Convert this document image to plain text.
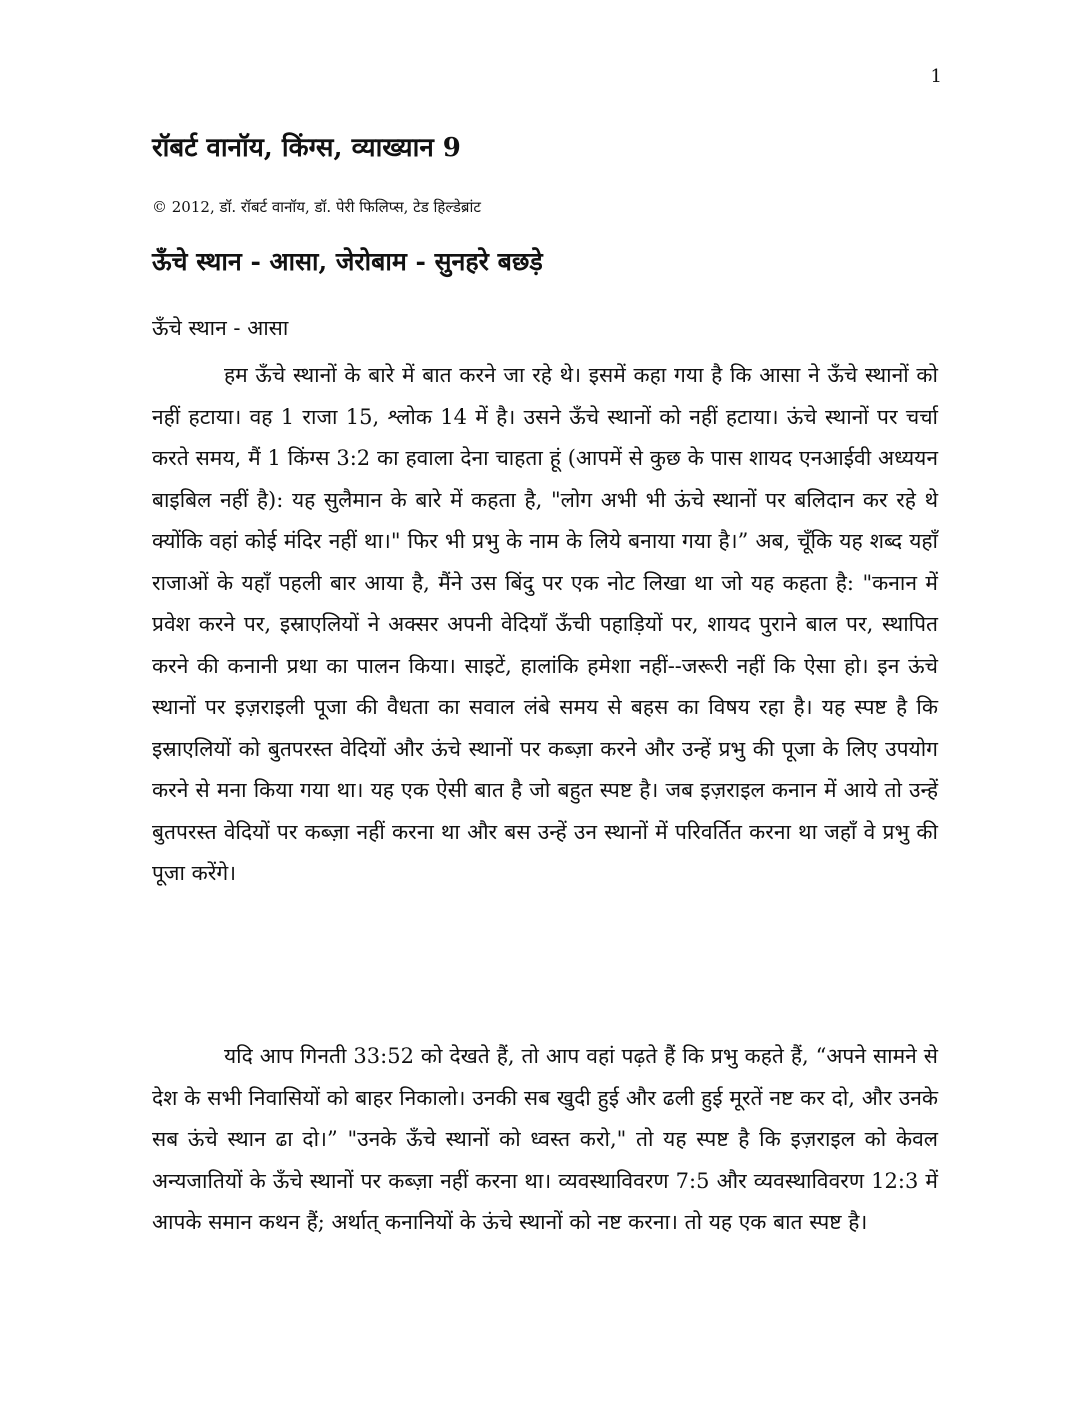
1
रॉबर्ट वानॉय, किंग्स, व्याख्यान 9

© 2012, डॉ. रॉबर्ट वानॉय, डॉ. पेरी फिलिप्स, टेड हिल्डेब्रांट

ऊँचे स्थान - आसा, जेरोबाम - सुनहरे बछड़े

ऊँचे स्थान - आसा

हम ऊँचे स्थानों के बारे में बात करने जा रहे थे। इसमें कहा गया है कि आसा ने ऊँचे स्थानों को नहीं हटाया। वह 1 राजा 15, श्लोक 14 में है। उसने ऊँचे स्थानों को नहीं हटाया। ऊंचे स्थानों पर चर्चा करते समय, मैं 1 किंग्स 3:2 का हवाला देना चाहता हूं (आपमें से कुछ के पास शायद एनआईवी अध्ययन बाइबिल नहीं है): यह सुलैमान के बारे में कहता है, "लोग अभी भी ऊंचे स्थानों पर बलिदान कर रहे थे क्योंकि वहां कोई मंदिर नहीं था।" फिर भी प्रभु के नाम के लिये बनाया गया है।” अब, चूँकि यह शब्द यहाँ राजाओं के यहाँ पहली बार आया है, मैंने उस बिंदु पर एक नोट लिखा था जो यह कहता है: "कनान में प्रवेश करने पर, इस्राएलियों ने अक्सर अपनी वेदियाँ ऊँची पहाड़ियों पर, शायद पुराने बाल पर, स्थापित करने की कनानी प्रथा का पालन किया। साइटें, हालांकि हमेशा नहीं--जरूरी नहीं कि ऐसा हो। इन ऊंचे स्थानों पर इज़राइली पूजा की वैधता का सवाल लंबे समय से बहस का विषय रहा है। यह स्पष्ट है कि इस्राएलियों को बुतपरस्त वेदियों और ऊंचे स्थानों पर कब्ज़ा करने और उन्हें प्रभु की पूजा के लिए उपयोग करने से मना किया गया था। यह एक ऐसी बात है जो बहुत स्पष्ट है। जब इज़राइल कनान में आये तो उन्हें बुतपरस्त वेदियों पर कब्ज़ा नहीं करना था और बस उन्हें उन स्थानों में परिवर्तित करना था जहाँ वे प्रभु की पूजा करेंगे।

यदि आप गिनती 33:52 को देखते हैं, तो आप वहां पढ़ते हैं कि प्रभु कहते हैं, “अपने सामने से देश के सभी निवासियों को बाहर निकालो। उनकी सब खुदी हुई और ढली हुई मूरतें नष्ट कर दो, और उनके सब ऊंचे स्थान ढा दो।” "उनके ऊँचे स्थानों को ध्वस्त करो," तो यह स्पष्ट है कि इज़राइल को केवल अन्यजातियों के ऊँचे स्थानों पर कब्ज़ा नहीं करना था। व्यवस्थाविवरण 7:5 और व्यवस्थाविवरण 12:3 में आपके समान कथन हैं; अर्थात् कनानियों के ऊंचे स्थानों को नष्ट करना। तो यह एक बात स्पष्ट है।
